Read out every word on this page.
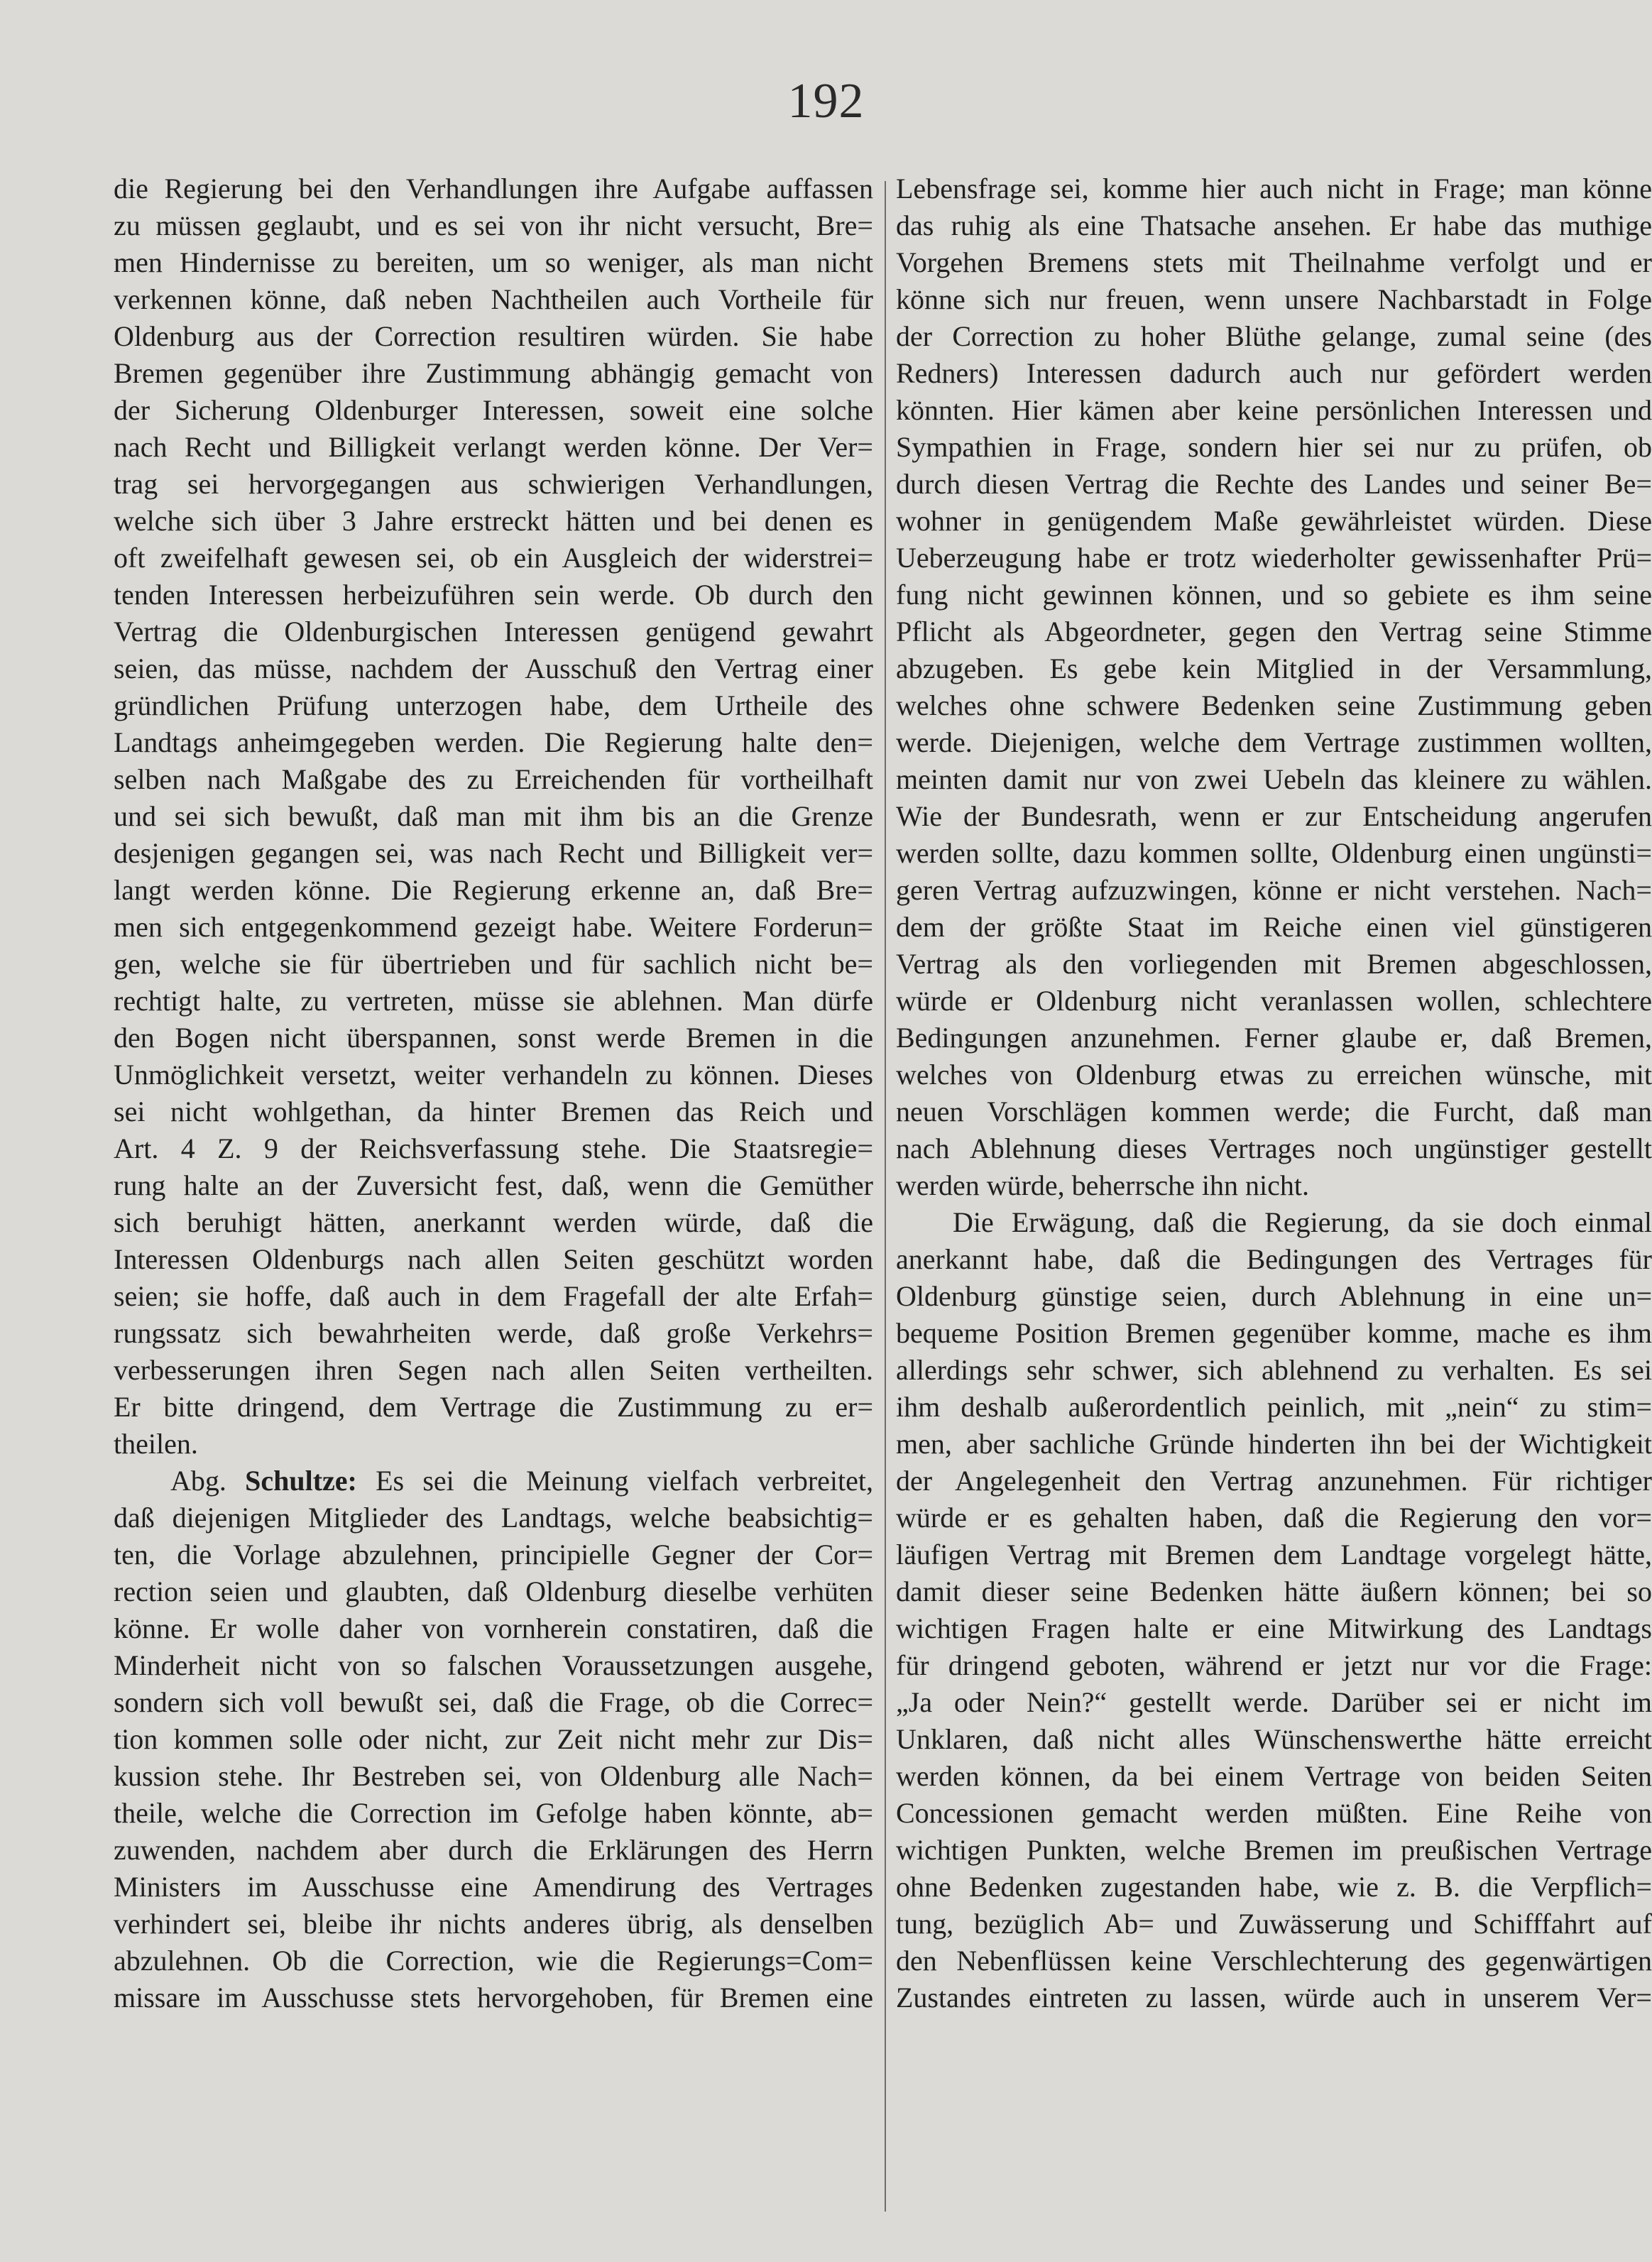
192
die Regierung bei den Verhandlungen ihre Aufgabe auffassen
zu müssen geglaubt, und es sei von ihr nicht versucht, Bre=
men Hindernisse zu bereiten, um so weniger, als man nicht
verkennen könne, daß neben Nachtheilen auch Vortheile für
Oldenburg aus der Correction resultiren würden. Sie habe
Bremen gegenüber ihre Zustimmung abhängig gemacht von
der Sicherung Oldenburger Interessen, soweit eine solche
nach Recht und Billigkeit verlangt werden könne. Der Ver=
trag sei hervorgegangen aus schwierigen Verhandlungen,
welche sich über 3 Jahre erstreckt hätten und bei denen es
oft zweifelhaft gewesen sei, ob ein Ausgleich der widerstrei=
tenden Interessen herbeizuführen sein werde. Ob durch den
Vertrag die Oldenburgischen Interessen genügend gewahrt
seien, das müsse, nachdem der Ausschuß den Vertrag einer
gründlichen Prüfung unterzogen habe, dem Urtheile des
Landtags anheimgegeben werden. Die Regierung halte den=
selben nach Maßgabe des zu Erreichenden für vortheilhaft
und sei sich bewußt, daß man mit ihm bis an die Grenze
desjenigen gegangen sei, was nach Recht und Billigkeit ver=
langt werden könne. Die Regierung erkenne an, daß Bre=
men sich entgegenkommend gezeigt habe. Weitere Forderun=
gen, welche sie für übertrieben und für sachlich nicht be=
rechtigt halte, zu vertreten, müsse sie ablehnen. Man dürfe
den Bogen nicht überspannen, sonst werde Bremen in die
Unmöglichkeit versetzt, weiter verhandeln zu können. Dieses
sei nicht wohlgethan, da hinter Bremen das Reich und
Art. 4 Z. 9 der Reichsverfassung stehe. Die Staatsregie=
rung halte an der Zuversicht fest, daß, wenn die Gemüther
sich beruhigt hätten, anerkannt werden würde, daß die
Interessen Oldenburgs nach allen Seiten geschützt worden
seien; sie hoffe, daß auch in dem Fragefall der alte Erfah=
rungssatz sich bewahrheiten werde, daß große Verkehrs=
verbesserungen ihren Segen nach allen Seiten vertheilten.
Er bitte dringend, dem Vertrage die Zustimmung zu er=
theilen.
Abg. Schultze: Es sei die Meinung vielfach verbreitet,
daß diejenigen Mitglieder des Landtags, welche beabsichtig=
ten, die Vorlage abzulehnen, principielle Gegner der Cor=
rection seien und glaubten, daß Oldenburg dieselbe verhüten
könne. Er wolle daher von vornherein constatiren, daß die
Minderheit nicht von so falschen Voraussetzungen ausgehe,
sondern sich voll bewußt sei, daß die Frage, ob die Correc=
tion kommen solle oder nicht, zur Zeit nicht mehr zur Dis=
kussion stehe. Ihr Bestreben sei, von Oldenburg alle Nach=
theile, welche die Correction im Gefolge haben könnte, ab=
zuwenden, nachdem aber durch die Erklärungen des Herrn
Ministers im Ausschusse eine Amendirung des Vertrages
verhindert sei, bleibe ihr nichts anderes übrig, als denselben
abzulehnen. Ob die Correction, wie die Regierungs=Com=
missare im Ausschusse stets hervorgehoben, für Bremen eine
Lebensfrage sei, komme hier auch nicht in Frage; man könne
das ruhig als eine Thatsache ansehen. Er habe das muthige
Vorgehen Bremens stets mit Theilnahme verfolgt und er
könne sich nur freuen, wenn unsere Nachbarstadt in Folge
der Correction zu hoher Blüthe gelange, zumal seine (des
Redners) Interessen dadurch auch nur gefördert werden
könnten. Hier kämen aber keine persönlichen Interessen und
Sympathien in Frage, sondern hier sei nur zu prüfen, ob
durch diesen Vertrag die Rechte des Landes und seiner Be=
wohner in genügendem Maße gewährleistet würden. Diese
Ueberzeugung habe er trotz wiederholter gewissenhafter Prü=
fung nicht gewinnen können, und so gebiete es ihm seine
Pflicht als Abgeordneter, gegen den Vertrag seine Stimme
abzugeben. Es gebe kein Mitglied in der Versammlung,
welches ohne schwere Bedenken seine Zustimmung geben
werde. Diejenigen, welche dem Vertrage zustimmen wollten,
meinten damit nur von zwei Uebeln das kleinere zu wählen.
Wie der Bundesrath, wenn er zur Entscheidung angerufen
werden sollte, dazu kommen sollte, Oldenburg einen ungünsti=
geren Vertrag aufzuzwingen, könne er nicht verstehen. Nach=
dem der größte Staat im Reiche einen viel günstigeren
Vertrag als den vorliegenden mit Bremen abgeschlossen,
würde er Oldenburg nicht veranlassen wollen, schlechtere
Bedingungen anzunehmen. Ferner glaube er, daß Bremen,
welches von Oldenburg etwas zu erreichen wünsche, mit
neuen Vorschlägen kommen werde; die Furcht, daß man
nach Ablehnung dieses Vertrages noch ungünstiger gestellt
werden würde, beherrsche ihn nicht.
Die Erwägung, daß die Regierung, da sie doch einmal
anerkannt habe, daß die Bedingungen des Vertrages für
Oldenburg günstige seien, durch Ablehnung in eine un=
bequeme Position Bremen gegenüber komme, mache es ihm
allerdings sehr schwer, sich ablehnend zu verhalten. Es sei
ihm deshalb außerordentlich peinlich, mit „nein“ zu stim=
men, aber sachliche Gründe hinderten ihn bei der Wichtigkeit
der Angelegenheit den Vertrag anzunehmen. Für richtiger
würde er es gehalten haben, daß die Regierung den vor=
läufigen Vertrag mit Bremen dem Landtage vorgelegt hätte,
damit dieser seine Bedenken hätte äußern können; bei so
wichtigen Fragen halte er eine Mitwirkung des Landtags
für dringend geboten, während er jetzt nur vor die Frage:
„Ja oder Nein?“ gestellt werde. Darüber sei er nicht im
Unklaren, daß nicht alles Wünschenswerthe hätte erreicht
werden können, da bei einem Vertrage von beiden Seiten
Concessionen gemacht werden müßten. Eine Reihe von
wichtigen Punkten, welche Bremen im preußischen Vertrage
ohne Bedenken zugestanden habe, wie z. B. die Verpflich=
tung, bezüglich Ab= und Zuwässerung und Schifffahrt auf
den Nebenflüssen keine Verschlechterung des gegenwärtigen
Zustandes eintreten zu lassen, würde auch in unserem Ver=
